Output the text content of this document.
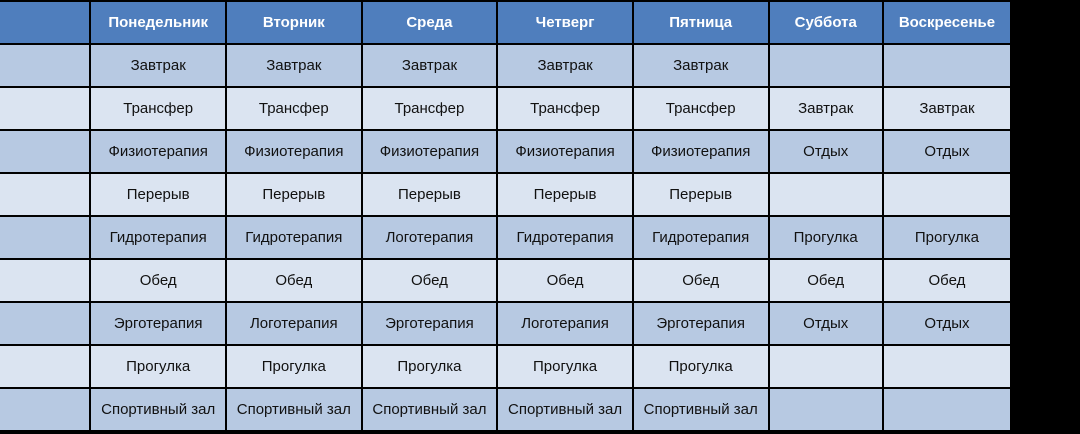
	Понедельник	Вторник	Среда	Четверг	Пятница	Суббота	Воскресенье
	Завтрак	Завтрак	Завтрак	Завтрак	Завтрак		
	Трансфер	Трансфер	Трансфер	Трансфер	Трансфер	Завтрак	Завтрак
	Физиотерапия	Физиотерапия	Физиотерапия	Физиотерапия	Физиотерапия	Отдых	Отдых
	Перерыв	Перерыв	Перерыв	Перерыв	Перерыв		
	Гидротерапия	Гидротерапия	Логотерапия	Гидротерапия	Гидротерапия	Прогулка	Прогулка
	Обед	Обед	Обед	Обед	Обед	Обед	Обед
	Эрготерапия	Логотерапия	Эрготерапия	Логотерапия	Эрготерапия	Отдых	Отдых
	Прогулка	Прогулка	Прогулка	Прогулка	Прогулка		
	Спортивный зал	Спортивный зал	Спортивный зал	Спортивный зал	Спортивный зал		
